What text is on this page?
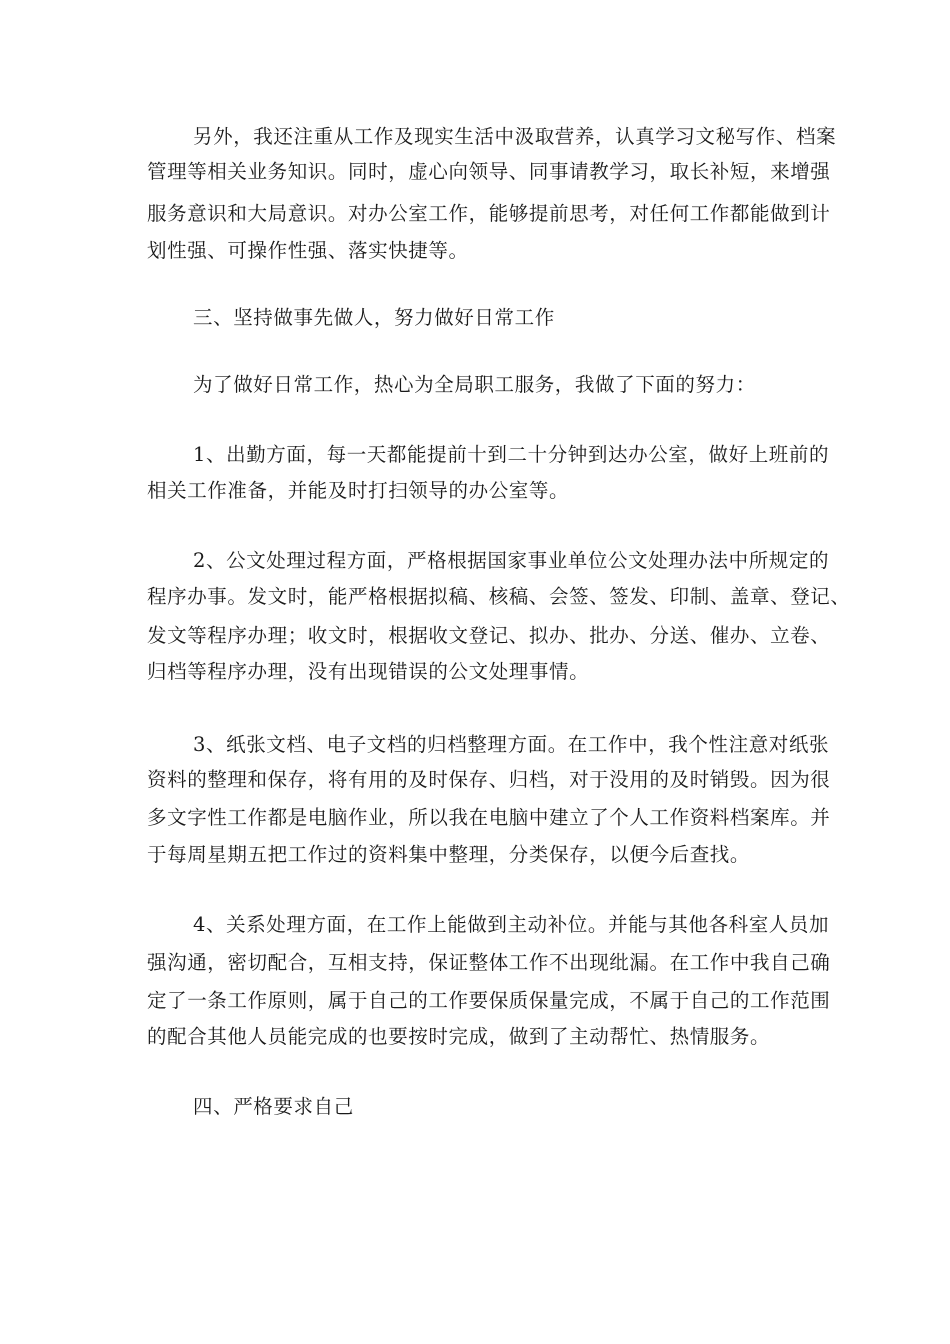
另外，我还注重从工作及现实生活中汲取营养，认真学习文秘写作、档案
管理等相关业务知识。同时，虚心向领导、同事请教学习，取长补短，来增强
服务意识和大局意识。对办公室工作，能够提前思考，对任何工作都能做到计
划性强、可操作性强、落实快捷等。
三、坚持做事先做人，努力做好日常工作
为了做好日常工作，热心为全局职工服务，我做了下面的努力：
1、出勤方面，每一天都能提前十到二十分钟到达办公室，做好上班前的
相关工作准备，并能及时打扫领导的办公室等。
2、公文处理过程方面，严格根据国家事业单位公文处理办法中所规定的
程序办事。发文时，能严格根据拟稿、核稿、会签、签发、印制、盖章、登记、
发文等程序办理；收文时，根据收文登记、拟办、批办、分送、催办、立卷、
归档等程序办理，没有出现错误的公文处理事情。
3、纸张文档、电子文档的归档整理方面。在工作中，我个性注意对纸张
资料的整理和保存，将有用的及时保存、归档，对于没用的及时销毁。因为很
多文字性工作都是电脑作业，所以我在电脑中建立了个人工作资料档案库。并
于每周星期五把工作过的资料集中整理，分类保存，以便今后查找。
4、关系处理方面，在工作上能做到主动补位。并能与其他各科室人员加
强沟通，密切配合，互相支持，保证整体工作不出现纰漏。在工作中我自己确
定了一条工作原则，属于自己的工作要保质保量完成，不属于自己的工作范围
的配合其他人员能完成的也要按时完成，做到了主动帮忙、热情服务。
四、严格要求自己
